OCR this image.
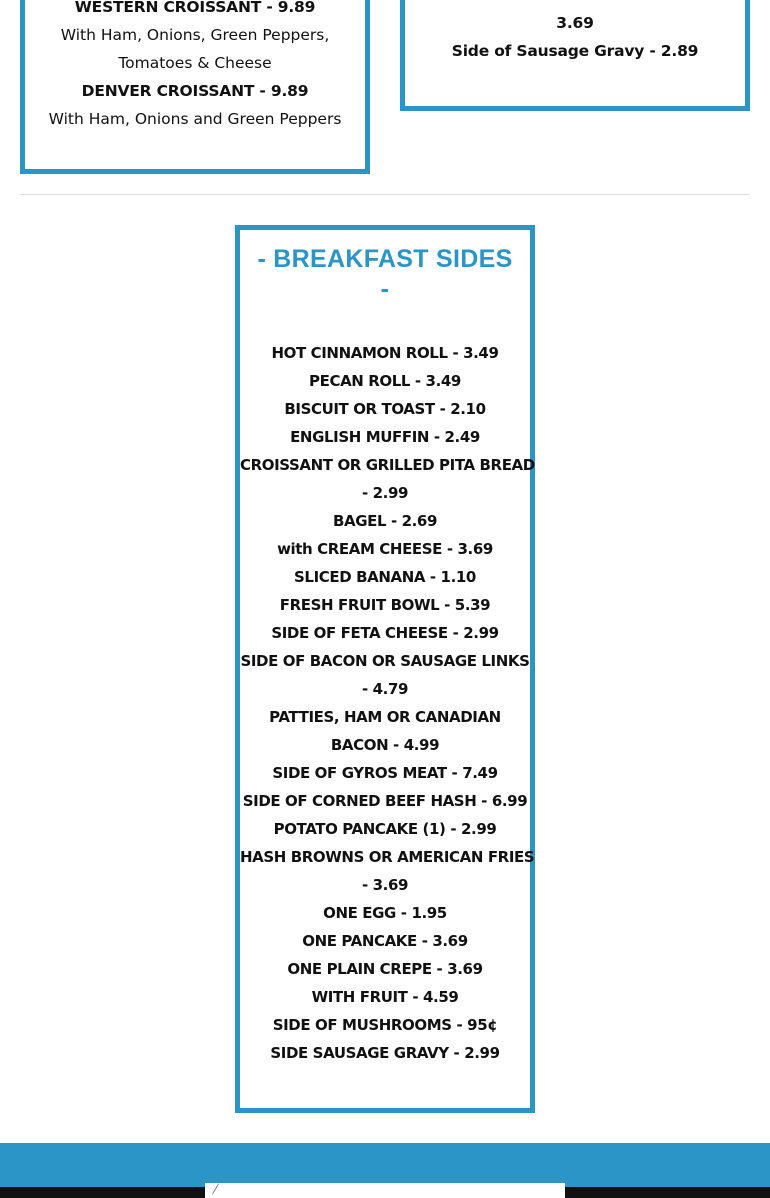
WESTERN CROISSANT - 9.89
With Ham, Onions, Green Peppers,
Tomatoes & Cheese
DENVER CROISSANT - 9.89
With Ham, Onions and Green Peppers
3.69
Side of Sausage Gravy - 2.89
- BREAKFAST SIDES -
HOT CINNAMON ROLL - 3.49
PECAN ROLL - 3.49
BISCUIT OR TOAST - 2.10
ENGLISH MUFFIN - 2.49
CROISSANT OR GRILLED PITA BREAD
- 2.99
BAGEL - 2.69
with CREAM CHEESE - 3.69
SLICED BANANA - 1.10
FRESH FRUIT BOWL - 5.39
SIDE OF FETA CHEESE - 2.99
SIDE OF BACON OR SAUSAGE LINKS
- 4.79
PATTIES, HAM OR CANADIAN
BACON - 4.99
SIDE OF GYROS MEAT - 7.49
SIDE OF CORNED BEEF HASH - 6.99
POTATO PANCAKE (1) - 2.99
HASH BROWNS OR AMERICAN FRIES
- 3.69
ONE EGG - 1.95
ONE PANCAKE - 3.69
ONE PLAIN CREPE - 3.69
WITH FRUIT - 4.59
SIDE OF MUSHROOMS - 95¢
SIDE SAUSAGE GRAVY - 2.99
